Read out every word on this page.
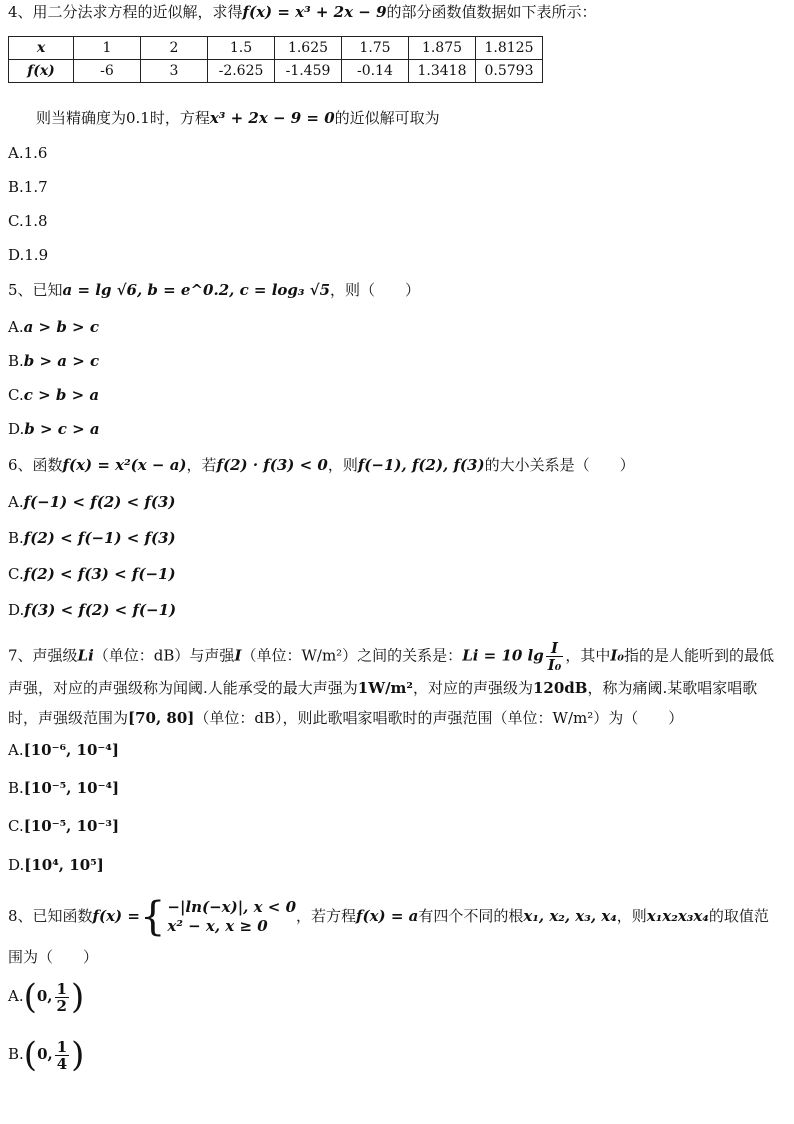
4、用二分法求方程的近似解，求得f(x) = x³ + 2x − 9的部分函数值数据如下表所示：
x	1	2	1.5	1.625	1.75	1.875	1.8125
f(x)	-6	3	-2.625	-1.459	-0.14	1.3418	0.5793
则当精确度为0.1时，方程x³ + 2x − 9 = 0的近似解可取为
A.1.6
B.1.7
C.1.8
D.1.9
5、已知a = lg √6, b = e^0.2, c = log₃ √5，则（　　）
A.a > b > c
B.b > a > c
C.c > b > a
D.b > c > a
6、函数f(x) = x²(x − a)，若f(2) · f(3) < 0，则f(−1), f(2), f(3)的大小关系是（　　）
A.f(−1) < f(2) < f(3)
B.f(2) < f(−1) < f(3)
C.f(2) < f(3) < f(−1)
D.f(3) < f(2) < f(−1)
7、声强级Li（单位：dB）与声强I（单位：W/m²）之间的关系是：Li = 10 $\lg \frac{I}{\text{I₀}}$ ，其中I₀指的是人能听到的最低声强，对应的声强级称为闻阈.人能承受的最大声强为1W/m²，对应的声强级为120dB，称为痛阈.某歌唱家唱歌时，声强级范围为[70, 80]（单位：dB），则此歌唱家唱歌时的声强范围（单位：W/m²）为（　　）
A.[10⁻⁶, 10⁻⁴]
B.[10⁻⁵, 10⁻⁴]
C.[10⁻⁵, 10⁻³]
D.[10⁴, 10⁵]
8、已知函数f(x) = { −|ln(−x)|, x < 0
x² − x, x ≥ 0
，若方程f(x) = a有四个不同的根x₁, x₂, x₃, x₄，则x₁x₂x₃x₄的取值范围为（　　）
A.(0, $\frac{1}{2}$ )
B.(0, $\frac{1}{4}$ )
